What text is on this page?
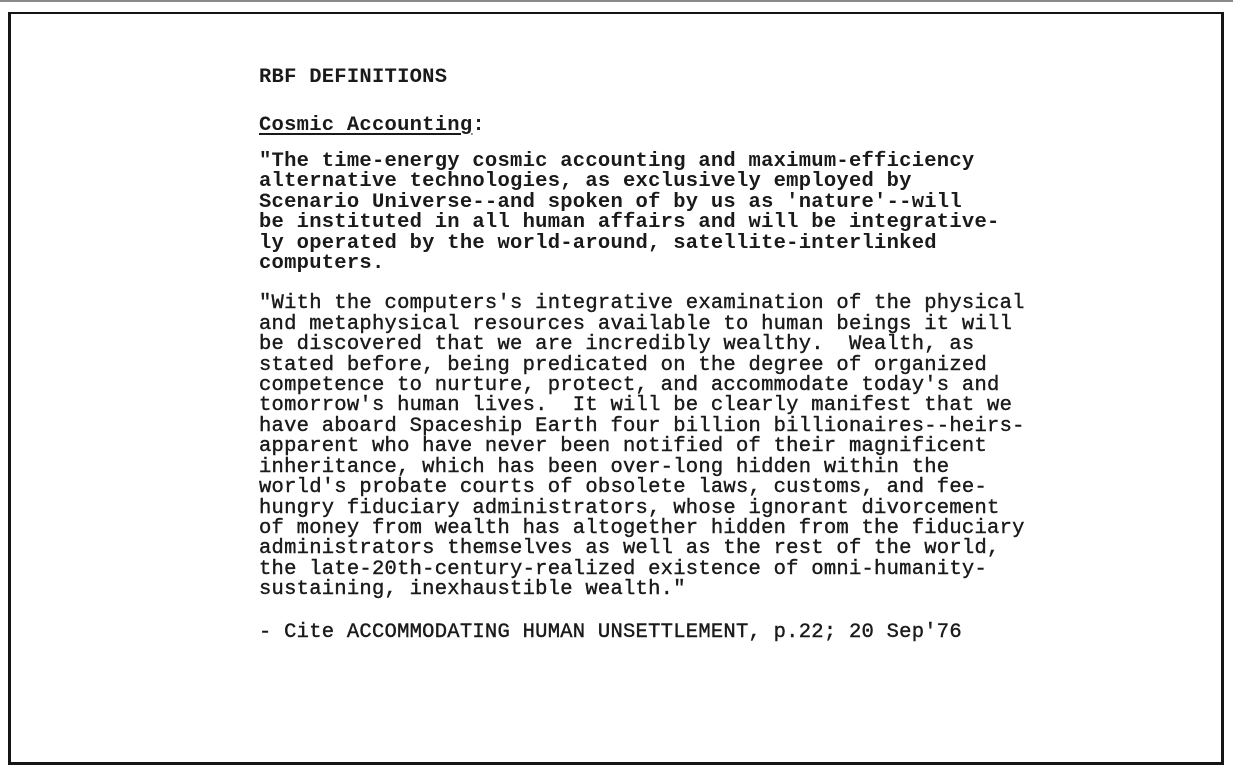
RBF DEFINITIONS
Cosmic Accounting:
"The time-energy cosmic accounting and maximum-efficiency
alternative technologies, as exclusively employed by
Scenario Universe--and spoken of by us as 'nature'--will
be instituted in all human affairs and will be integrative-
ly operated by the world-around, satellite-interlinked
computers.
"With the computers's integrative examination of the physical
and metaphysical resources available to human beings it will
be discovered that we are incredibly wealthy.  Wealth, as
stated before, being predicated on the degree of organized
competence to nurture, protect, and accommodate today's and
tomorrow's human lives.  It will be clearly manifest that we
have aboard Spaceship Earth four billion billionaires--heirs-
apparent who have never been notified of their magnificent
inheritance, which has been over-long hidden within the
world's probate courts of obsolete laws, customs, and fee-
hungry fiduciary administrators, whose ignorant divorcement
of money from wealth has altogether hidden from the fiduciary
administrators themselves as well as the rest of the world,
the late-20th-century-realized existence of omni-humanity-
sustaining, inexhaustible wealth."
- Cite ACCOMMODATING HUMAN UNSETTLEMENT, p.22; 20 Sep'76
